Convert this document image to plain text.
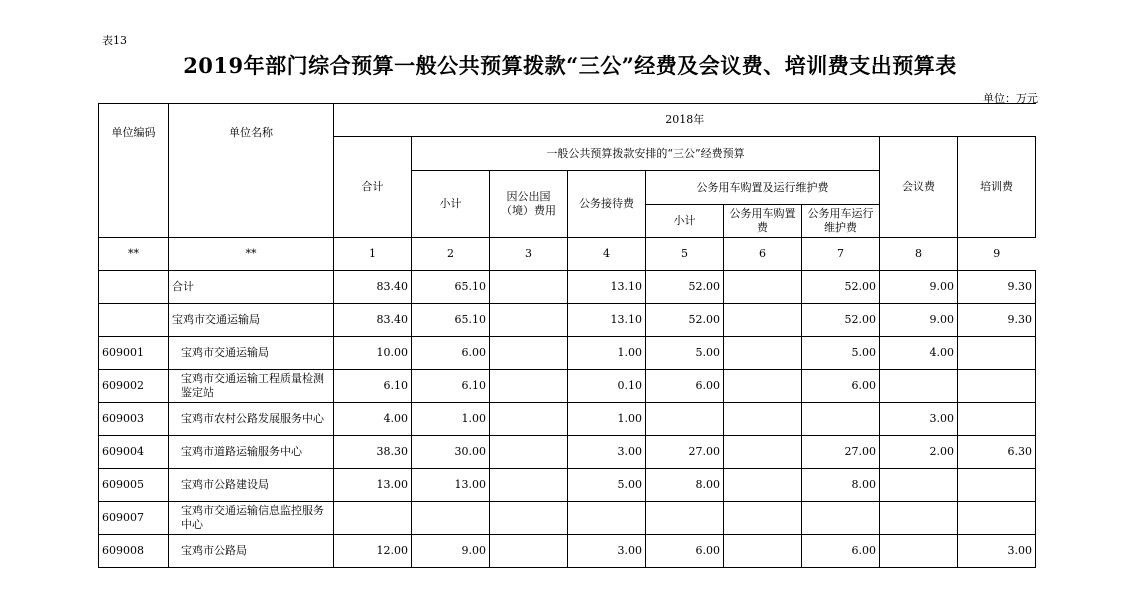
表13
2019年部门综合预算一般公共预算拨款“三公”经费及会议费、培训费支出预算表
单位：万元
单位编码	单位名称	2018年								
		合计	一般公共预算拨款安排的“三公”经费预算						会议费	培训费
			小计	因公出国（境）费用	公务接待费	公务用车购置及运行维护费				
						小计	公务用车购置费	公务用车运行维护费		
**	**	1	2	3	4	5	6	7	8	9
	合计	83.40	65.10		13.10	52.00		52.00	9.00	9.30
	宝鸡市交通运输局	83.40	65.10		13.10	52.00		52.00	9.00	9.30
609001	宝鸡市交通运输局	10.00	6.00		1.00	5.00		5.00	4.00	
609002	宝鸡市交通运输工程质量检测鉴定站	6.10	6.10		0.10	6.00		6.00		
609003	宝鸡市农村公路发展服务中心	4.00	1.00		1.00				3.00	
609004	宝鸡市道路运输服务中心	38.30	30.00		3.00	27.00		27.00	2.00	6.30
609005	宝鸡市公路建设局	13.00	13.00		5.00	8.00		8.00		
609007	宝鸡市交通运输信息监控服务中心									
609008	宝鸡市公路局	12.00	9.00		3.00	6.00		6.00		3.00
